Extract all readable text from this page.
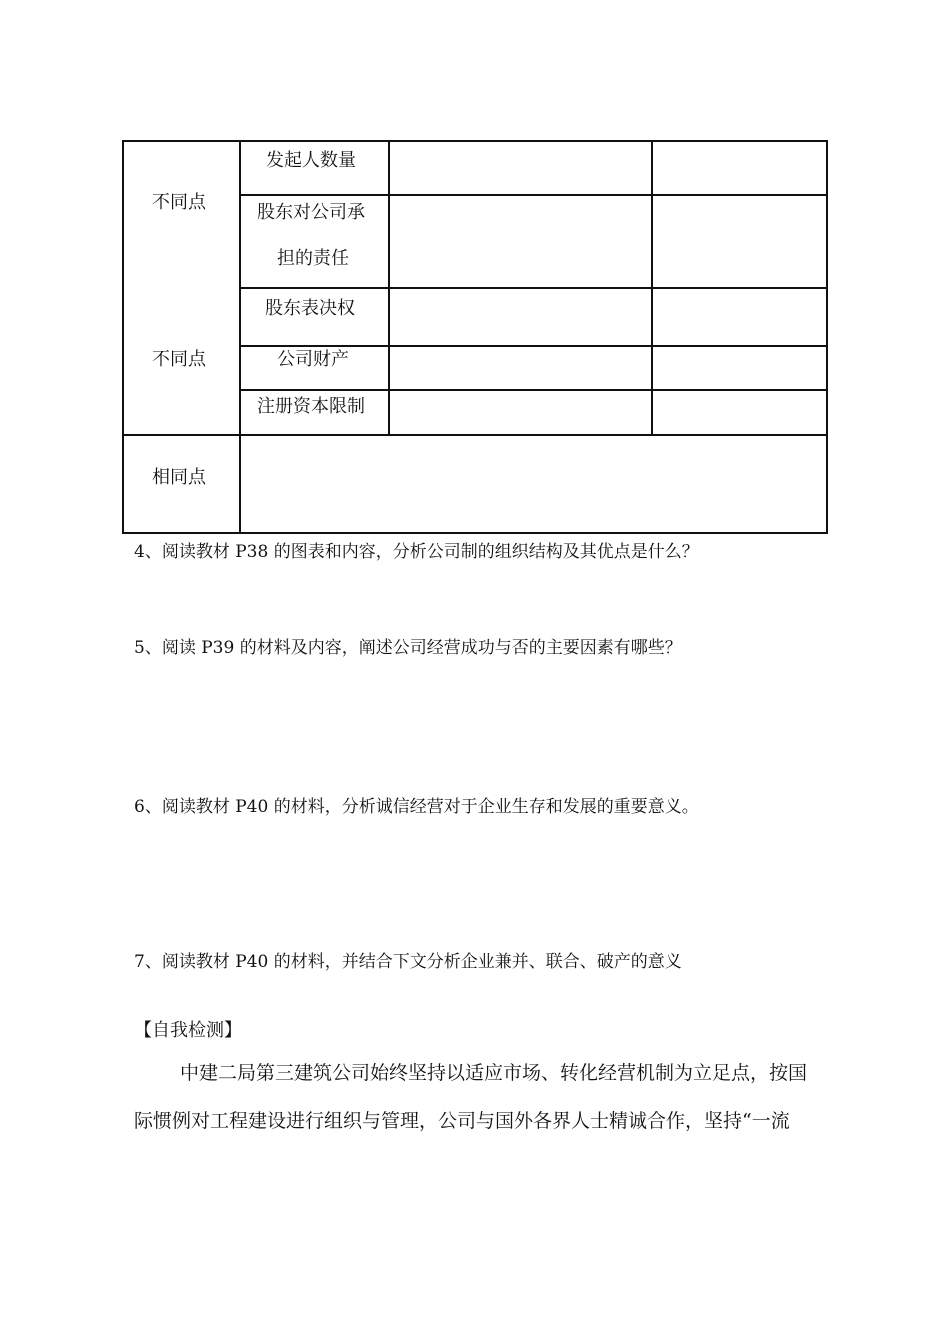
不同点
不同点
发起人数量
股东对公司承
担的责任
股东表决权
公司财产
注册资本限制
相同点
4、阅读教材 P38 的图表和内容，分析公司制的组织结构及其优点是什么？
5、阅读 P39 的材料及内容，阐述公司经营成功与否的主要因素有哪些？
6、阅读教材 P40 的材料，分析诚信经营对于企业生存和发展的重要意义。
7、阅读教材 P40 的材料，并结合下文分析企业兼并、联合、破产的意义
【自我检测】
中建二局第三建筑公司始终坚持以适应市场、转化经营机制为立足点，按国
际惯例对工程建设进行组织与管理，公司与国外各界人士精诚合作，坚持“一流
